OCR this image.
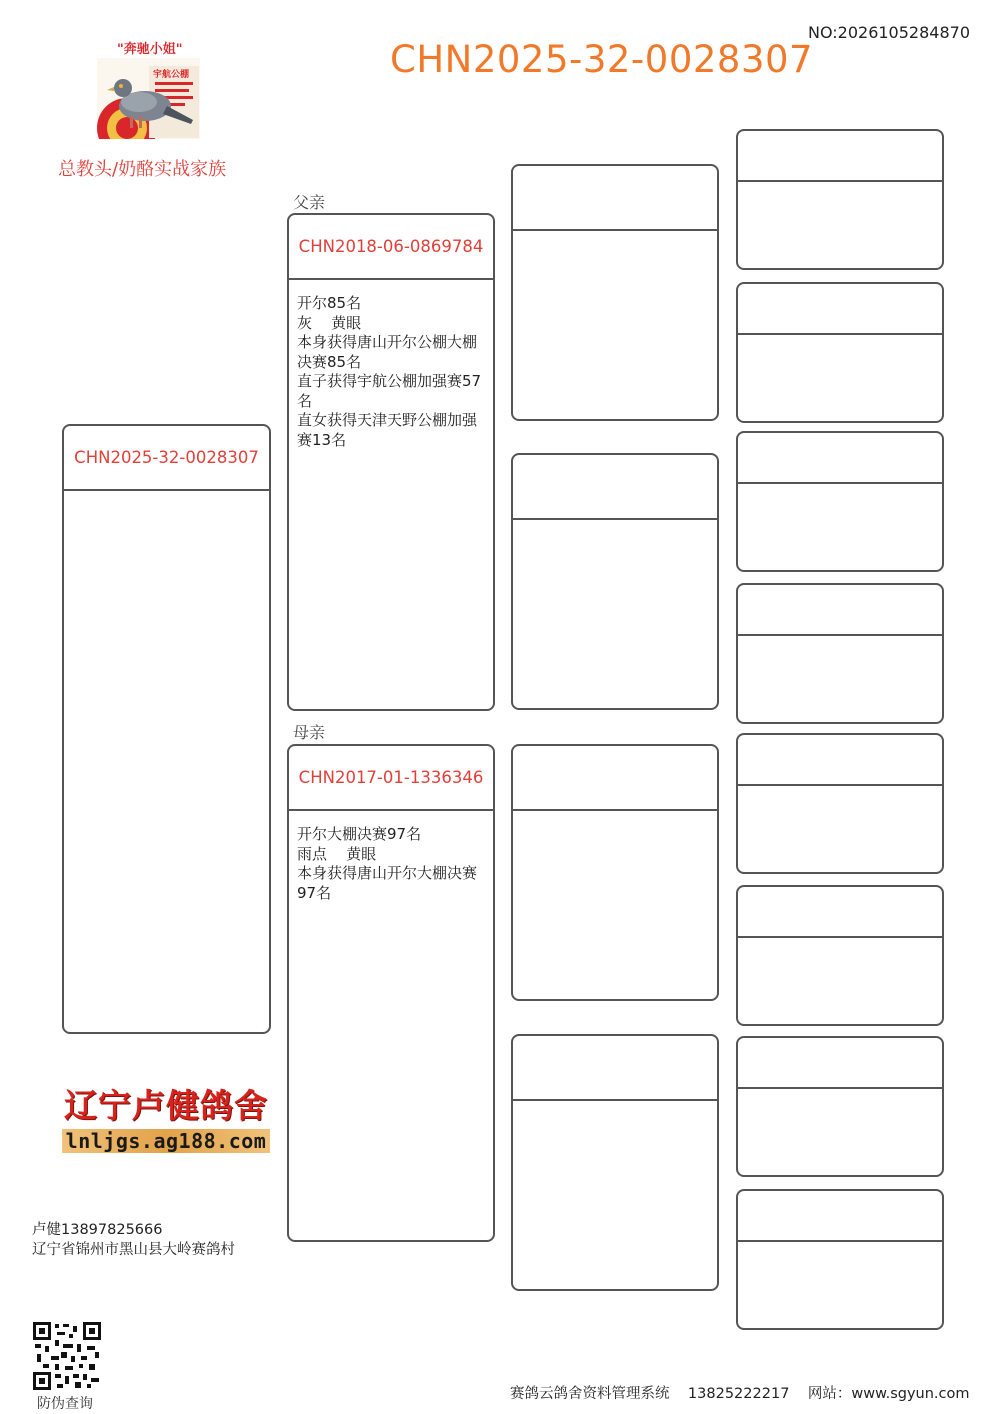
NO:2026105284870
CHN2025-32-0028307
"奔驰小姐"
宇航公棚
总教头/奶酪实战家族
CHN2025-32-0028307
父亲
CHN2018-06-0869784
开尔85名
灰    黄眼
本身获得唐山开尔公棚大棚决赛85名
直子获得宇航公棚加强赛57名
直女获得天津天野公棚加强赛13名
母亲
CHN2017-01-1336346
开尔大棚决赛97名
雨点    黄眼
本身获得唐山开尔大棚决赛97名
辽宁卢健鸽舍
lnljgs.ag188.com
卢健13897825666
辽宁省锦州市黑山县大岭赛鸽村
防伪查询
赛鸽云鸽舍资料管理系统    13825222217    网站：www.sgyun.com
